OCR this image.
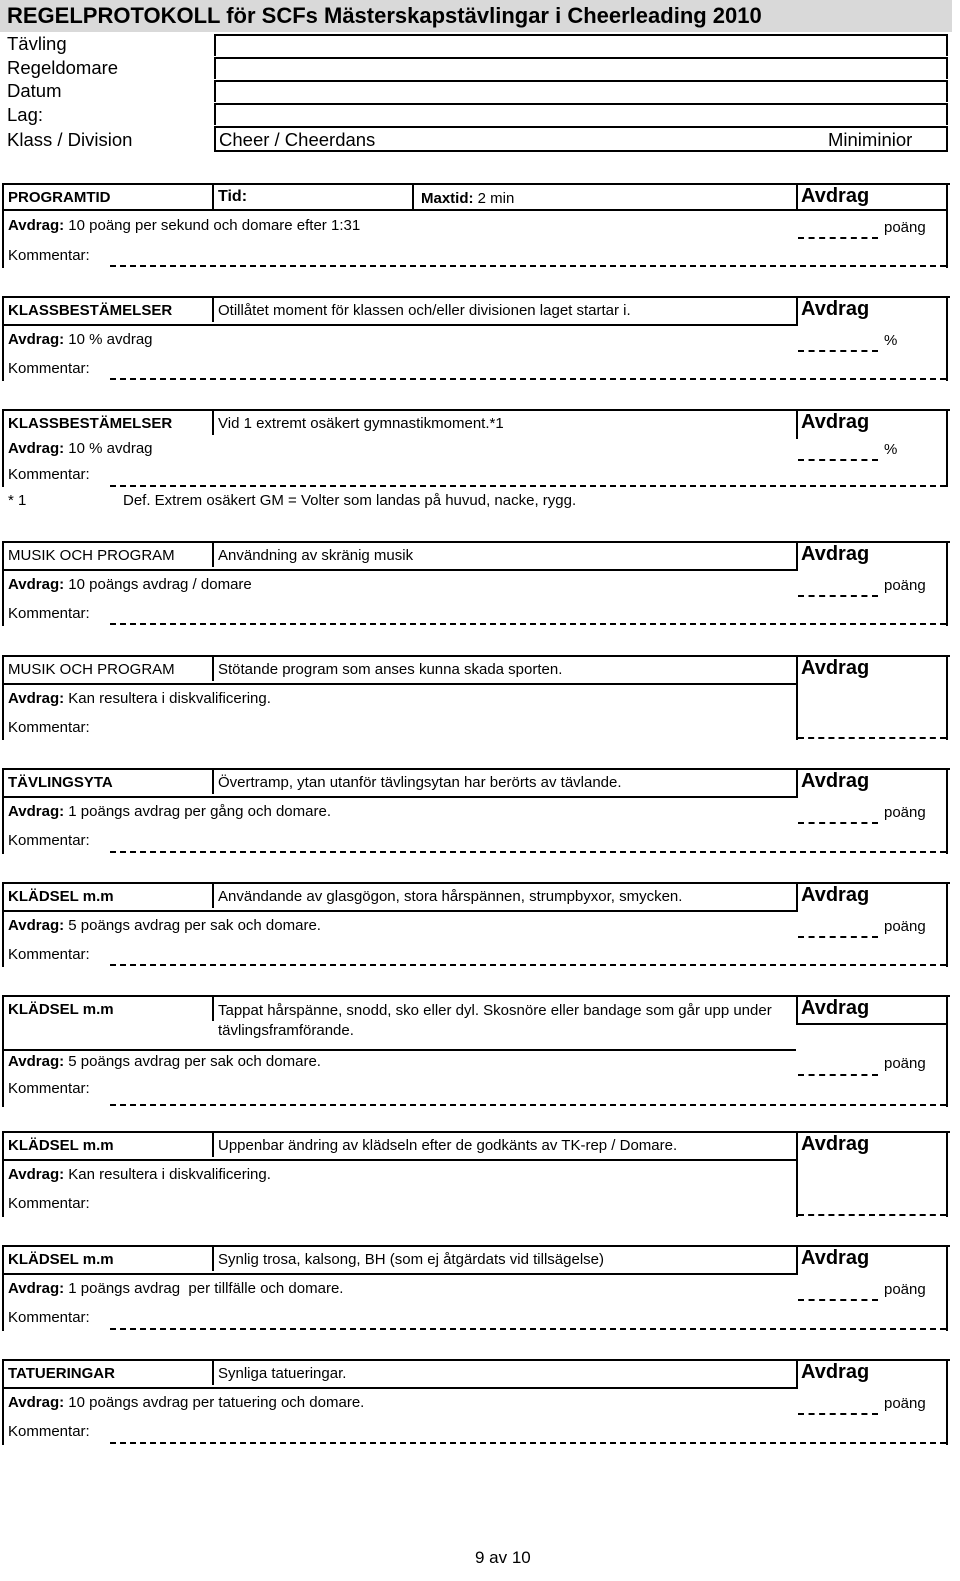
REGELPROTOKOLL för SCFs Mästerskapstävlingar i Cheerleading 2010
Tävling
Regeldomare
Datum
Lag:
Klass / Division	Cheer / Cheerdans	Miniminior
PROGRAMTID	Tid:	Maxtid: 2 min	Avdrag
Avdrag: 10 poäng per sekund och domare efter 1:31	poäng
Kommentar:
KLASSBESTÄMELSER	Otillåtet moment för klassen och/eller divisionen laget startar i.	Avdrag
Avdrag: 10 % avdrag	%
Kommentar:
KLASSBESTÄMELSER	Vid 1 extremt osäkert gymnastikmoment.*1	Avdrag
Avdrag: 10 % avdrag	%
Kommentar:
* 1	Def. Extrem osäkert GM = Volter som landas på huvud, nacke, rygg.
MUSIK OCH PROGRAM	Användning av skränig musik	Avdrag
Avdrag: 10 poängs avdrag / domare	poäng
Kommentar:
MUSIK OCH PROGRAM	Stötande program som anses kunna skada sporten.	Avdrag
Avdrag: Kan resultera i diskvalificering.
Kommentar:
TÄVLINGSYTA	Övertramp, ytan utanför tävlingsytan har berörts av tävlande.	Avdrag
Avdrag: 1 poängs avdrag per gång och domare.	poäng
Kommentar:
KLÄDSEL m.m	Användande av glasgögon, stora hårspännen, strumpbyxor, smycken.	Avdrag
Avdrag: 5 poängs avdrag per sak och domare.	poäng
Kommentar:
KLÄDSEL m.m	Tappat hårspänne, snodd, sko eller dyl. Skosnöre eller bandage som går upp under tävlingsframförande.
Avdrag
Avdrag: 5 poängs avdrag per sak och domare.	poäng
Kommentar:
KLÄDSEL m.m	Uppenbar ändring av klädseln efter de godkänts av TK-rep / Domare.	Avdrag
Avdrag: Kan resultera i diskvalificering.
Kommentar:
KLÄDSEL m.m	Synlig trosa, kalsong, BH (som ej åtgärdats vid tillsägelse)	Avdrag
Avdrag: 1 poängs avdrag  per tillfälle och domare.	poäng
Kommentar:
TATUERINGAR	Synliga tatueringar.	Avdrag
Avdrag: 10 poängs avdrag per tatuering och domare.	poäng
Kommentar:
9 av 10
